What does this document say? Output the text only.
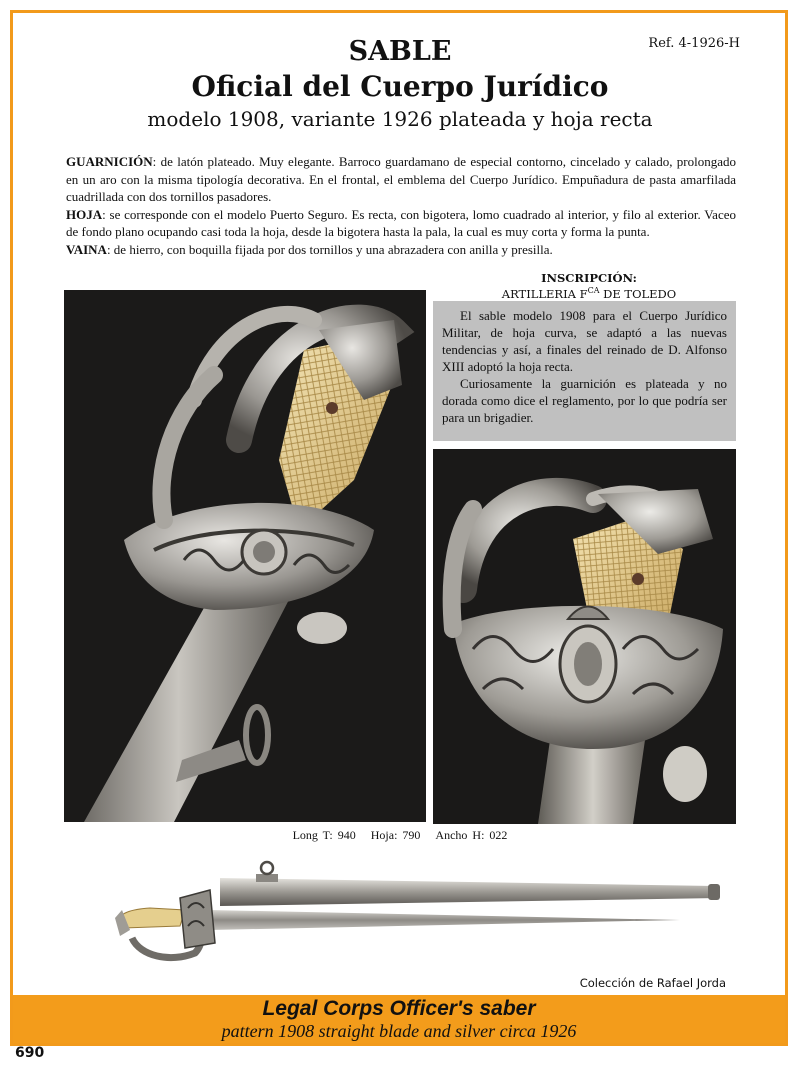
Ref. 4-1926-H
SABLE
Oficial del Cuerpo Jurídico
modelo 1908, variante 1926 plateada y hoja recta

GUARNICIÓN: de latón plateado. Muy elegante. Barroco guardamano de especial contorno, cincelado y calado, prolongado en un aro con la misma tipología decorativa. En el frontal, el emblema del Cuerpo Jurídico. Empuñadura de pasta amarfilada cuadrillada con dos tornillos pasadores.

HOJA: se corresponde con el modelo Puerto Seguro. Es recta, con bigotera, lomo cuadrado al interior, y filo al exterior. Vaceo de fondo plano ocupando casi toda la hoja, desde la bigotera hasta la pala, la cual es muy corta y forma la punta.

VAINA: de hierro, con boquilla fijada por dos tornillos y una abrazadera con anilla y presilla.

INSCRIPCIÓN:
ARTILLERIA $F^{CA}$ DE TOLEDO

El sable modelo 1908 para el Cuerpo Jurídico Militar, de hoja curva, se adaptó a las nuevas tendencias y así, a finales del reinado de D. Alfonso XIII adoptó la hoja recta.

Curiosamente la guarnición es plateada y no dorada como dice el reglamento, por lo que podría ser para un brigadier.

Long T: 940 Hoja: 790 Ancho H: 022
Colección de Rafael Jorda
Legal Corps Officer's saber
pattern 1908 straight blade and silver circa 1926
690
